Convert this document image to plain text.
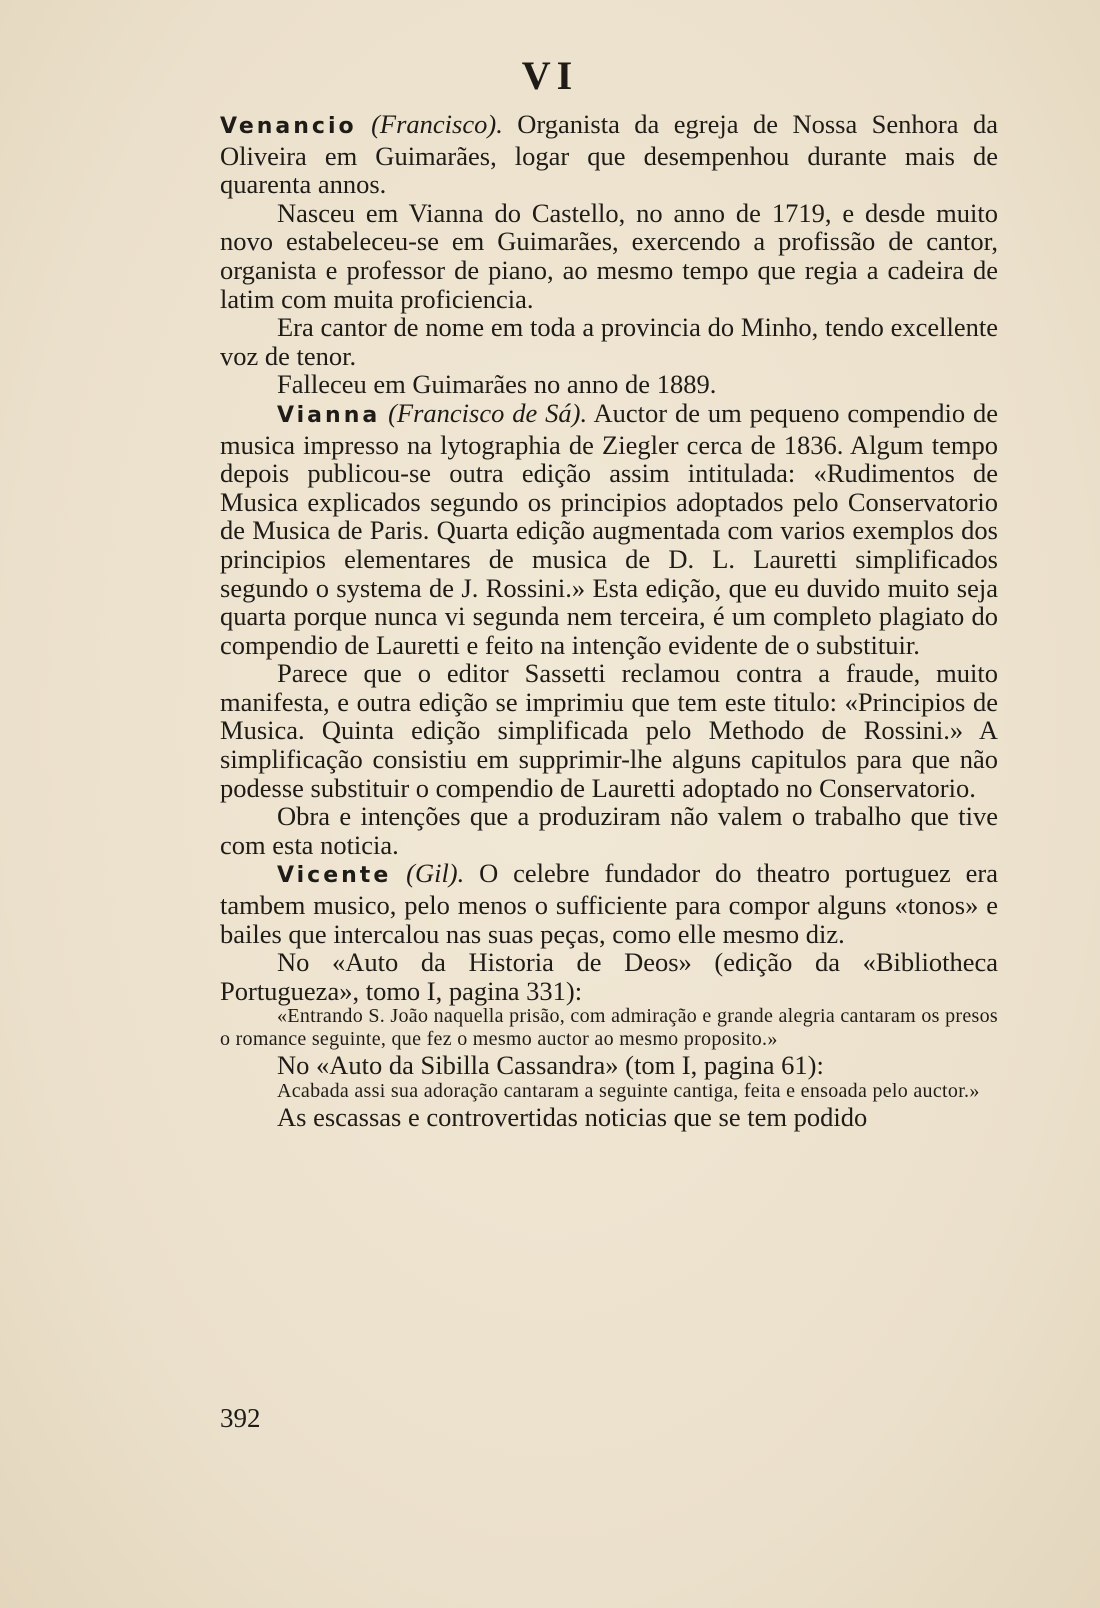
VI

Venancio (Francisco). Organista da egreja de Nossa Senhora da Oliveira em Guimarães, logar que desempenhou durante mais de quarenta annos.

Nasceu em Vianna do Castello, no anno de 1719, e desde muito novo estabeleceu-se em Guimarães, exercendo a profissão de cantor, organista e professor de piano, ao mesmo tempo que regia a cadeira de latim com muita proficiencia.

Era cantor de nome em toda a provincia do Minho, tendo excellente voz de tenor.

Falleceu em Guimarães no anno de 1889.

Vianna (Francisco de Sá). Auctor de um pequeno compendio de musica impresso na lytographia de Ziegler cerca de 1836. Algum tempo depois publicou-se outra edição assim intitulada: «Rudimentos de Musica explicados segundo os principios adoptados pelo Conservatorio de Musica de Paris. Quarta edição augmentada com varios exemplos dos principios elementares de musica de D. L. Lauretti simplificados segundo o systema de J. Rossini.» Esta edição, que eu duvido muito seja quarta porque nunca vi segunda nem terceira, é um completo plagiato do compendio de Lauretti e feito na intenção evidente de o substituir.

Parece que o editor Sassetti reclamou contra a fraude, muito manifesta, e outra edição se imprimiu que tem este titulo: «Principios de Musica. Quinta edição simplificada pelo Methodo de Rossini.» A simplificação consistiu em supprimir-lhe alguns capitulos para que não podesse substituir o compendio de Lauretti adoptado no Conservatorio.

Obra e intenções que a produziram não valem o trabalho que tive com esta noticia.

Vicente (Gil). O celebre fundador do theatro portuguez era tambem musico, pelo menos o sufficiente para compor alguns «tonos» e bailes que intercalou nas suas peças, como elle mesmo diz.

No «Auto da Historia de Deos» (edição da «Bibliotheca Portugueza», tomo I, pagina 331):

«Entrando S. João naquella prisão, com admiração e grande alegria cantaram os presos o romance seguinte, que fez o mesmo auctor ao mesmo proposito.»

No «Auto da Sibilla Cassandra» (tom I, pagina 61):

Acabada assi sua adoração cantaram a seguinte cantiga, feita e ensoada pelo auctor.»

As escassas e controvertidas noticias que se tem podido

392
